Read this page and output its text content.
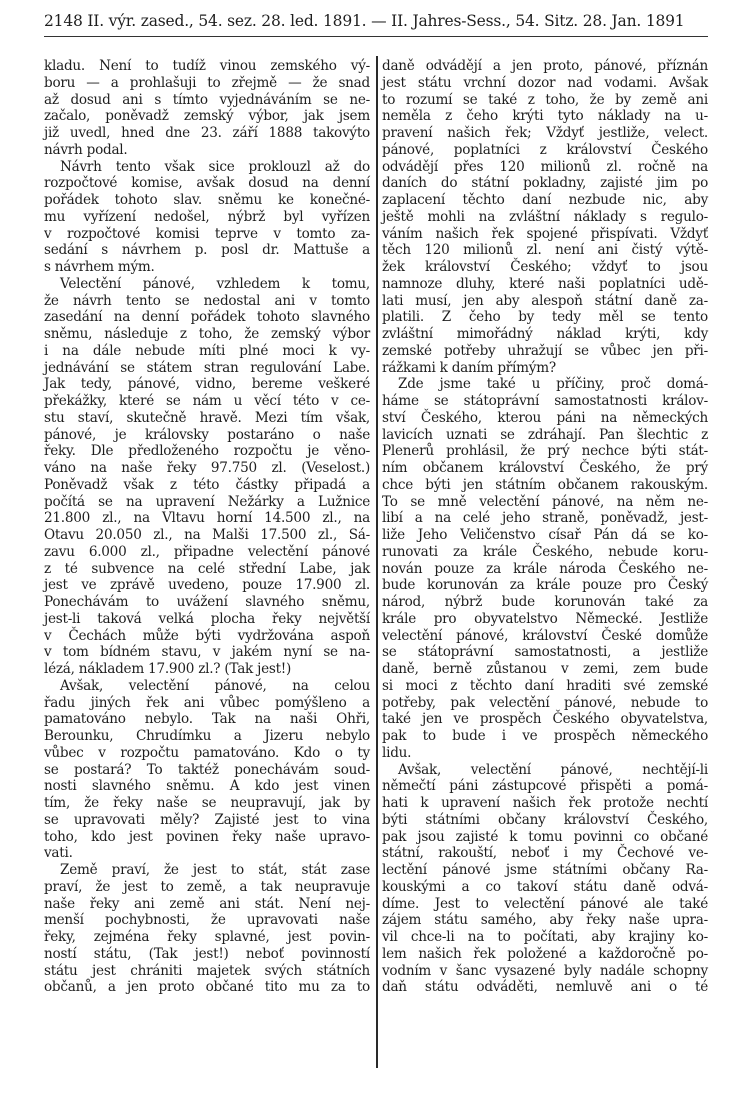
2148 II. výr. zased., 54. sez. 28. led. 1891. — II. Jahres-Sess., 54. Sitz. 28. Jan. 1891
kladu. Není to tudíž vinou zemského vý-
boru — a prohlašuji to zřejmě — že snad
až dosud ani s tímto vyjednáváním se ne-
začalo, poněvadž zemský výbor, jak jsem
již uvedl, hned dne 23. září 1888 takovýto
návrh podal.
Návrh tento však sice proklouzl až do
rozpočtové komise, avšak dosud na denní
pořádek tohoto slav. sněmu ke konečné-
mu vyřízení nedošel, nýbrž byl vyřízen
v rozpočtové komisi teprve v tomto za-
sedání s návrhem p. posl dr. Mattuše a
s návrhem mým.
Velectění pánové, vzhledem k tomu,
že návrh tento se nedostal ani v tomto
zasedání na denní pořádek tohoto slavného
sněmu, následuje z toho, že zemský výbor
i na dále nebude míti plné moci k vy-
jednávání se státem stran regulování Labe.
Jak tedy, pánové, vidno, bereme veškeré
překážky, které se nám u věcí této v ce-
stu staví, skutečně hravě. Mezi tím však,
pánové, je královsky postaráno o naše
řeky. Dle předloženého rozpočtu je věno-
váno na naše řeky 97.750 zl. (Veselost.)
Poněvadž však z této částky připadá a
počítá se na upravení Nežárky a Lužnice
21.800 zl., na Vltavu horní 14.500 zl., na
Otavu 20.050 zl., na Malši 17.500 zl., Sá-
zavu 6.000 zl., připadne velectění pánové
z té subvence na celé střední Labe, jak
jest ve zprávě uvedeno, pouze 17.900 zl.
Ponechávám to uvážení slavného sněmu,
jest-li taková velká plocha řeky největší
v Čechách může býti vydržována aspoň
v tom bídném stavu, v jakém nyní se na-
lézá, nákladem 17.900 zl.? (Tak jest!)
Avšak, velectění pánové, na celou
řadu jiných řek ani vůbec pomýšleno a
pamatováno nebylo. Tak na naši Ohři,
Berounku, Chrudímku a Jizeru nebylo
vůbec v rozpočtu pamatováno. Kdo o ty
se postará? To taktéž ponechávám soud-
nosti slavného sněmu. A kdo jest vinen
tím, že řeky naše se neupravují, jak by
se upravovati měly? Zajisté jest to vina
toho, kdo jest povinen řeky naše upravo-
vati.
Země praví, že jest to stát, stát zase
praví, že jest to země, a tak neupravuje
naše řeky ani země ani stát. Není nej-
menší pochybnosti, že upravovati naše
řeky, zejména řeky splavné, jest povin-
ností státu, (Tak jest!) neboť povinností
státu jest chrániti majetek svých státních
občanů, a jen proto občané tito mu za to
daně odvádějí a jen proto, pánové, příznán
jest státu vrchní dozor nad vodami. Avšak
to rozumí se také z toho, že by země ani
neměla z čeho krýti tyto náklady na u-
pravení našich řek; Vždyť jestliže, velect.
pánové, poplatníci z království Českého
odvádějí přes 120 milionů zl. ročně na
daních do státní pokladny, zajisté jim po
zaplacení těchto daní nezbude nic, aby
ještě mohli na zvláštní náklady s regulo-
váním našich řek spojené přispívati. Vždyť
těch 120 milionů zl. není ani čistý výtě-
žek království Českého; vždyť to jsou
namnoze dluhy, které naši poplatníci udě-
lati musí, jen aby alespoň státní daně za-
platili. Z čeho by tedy měl se tento
zvláštní mimořádný náklad krýti, kdy
zemské potřeby uhražují se vůbec jen při-
rážkami k daním přímým?
Zde jsme také u příčiny, proč domá-
háme se státoprávní samostatnosti králov-
ství Českého, kterou páni na německých
lavicích uznati se zdráhají. Pan šlechtic z
Plenerů prohlásil, že prý nechce býti stát-
ním občanem království Českého, že prý
chce býti jen státním občanem rakouským.
To se mně velectění pánové, na něm ne-
libí a na celé jeho straně, poněvadž, jest-
liže Jeho Veličenstvo císař Pán dá se ko-
runovati za krále Českého, nebude koru-
nován pouze za krále národa Českého ne-
bude korunován za krále pouze pro Český
národ, nýbrž bude korunován také za
krále pro obyvatelstvo Německé. Jestliže
velectění pánové, království České domůže
se státoprávní samostatnosti, a jestliže
daně, berně zůstanou v zemi, zem bude
si moci z těchto daní hraditi své zemské
potřeby, pak velectění pánové, nebude to
také jen ve prospěch Českého obyvatelstva,
pak to bude i ve prospěch německého
lidu.
Avšak, velectění pánové, nechtějí-li
němečtí páni zástupcové přispěti a pomá-
hati k upravení našich řek protože nechtí
býti státními občany království Českého,
pak jsou zajisté k tomu povinni co občané
státní, rakouští, neboť i my Čechové ve-
lectění pánové jsme státními občany Ra-
kouskými a co takoví státu daně odvá-
díme. Jest to velectění pánové ale také
zájem státu samého, aby řeky naše upra-
vil chce-li na to počítati, aby krajiny ko-
lem našich řek položené a každoročně po-
vodním v šanc vysazené byly nadále schopny
daň státu odváděti, nemluvě ani o té
